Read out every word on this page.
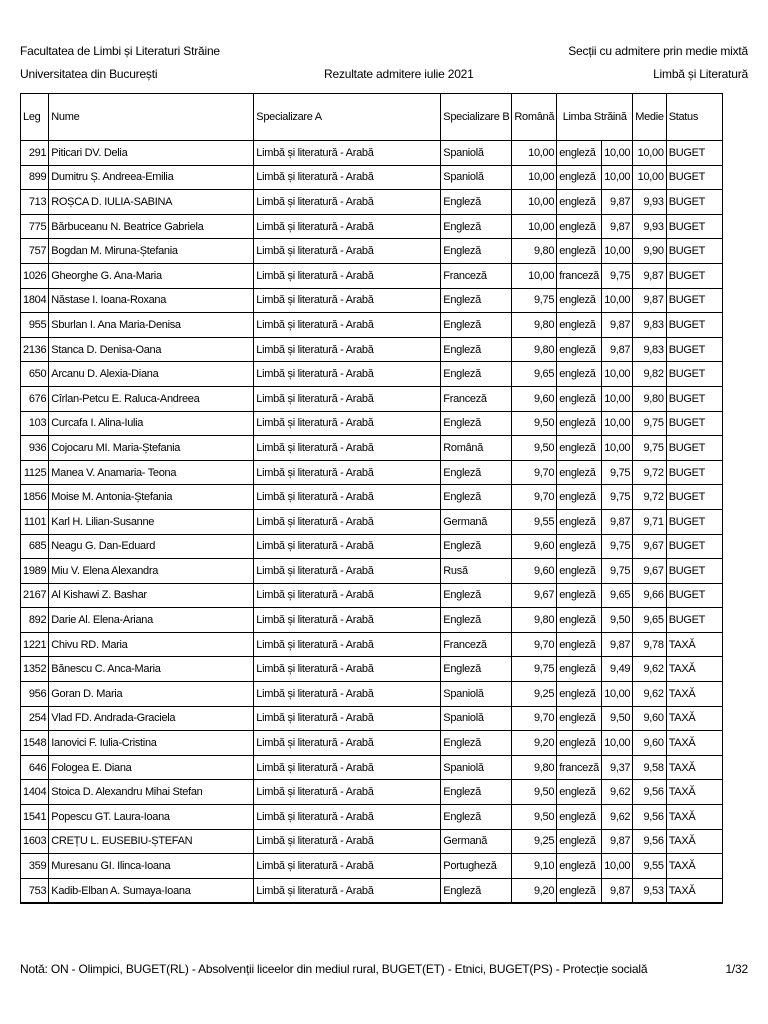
Facultatea de Limbi și Literaturi Străine
Universitatea din București	Rezultate admitere iulie 2021
Secții cu admitere prin medie mixtă
Limbă și Literatură
Leg	Nume	Specializare A	Specializare B	Română	Limba Străină		Medie	Status
291	Piticari DV. Delia	Limbă și literatură - Arabă	Spaniolă	10,00	engleză	10,00	10,00	BUGET
899	Dumitru Ș. Andreea-Emilia	Limbă și literatură - Arabă	Spaniolă	10,00	engleză	10,00	10,00	BUGET
713	ROȘCA D. IULIA-SABINA	Limbă și literatură - Arabă	Engleză	10,00	engleză	9,87	9,93	BUGET
775	Bărbuceanu N. Beatrice Gabriela	Limbă și literatură - Arabă	Engleză	10,00	engleză	9,87	9,93	BUGET
757	Bogdan M. Miruna-Ștefania	Limbă și literatură - Arabă	Engleză	9,80	engleză	10,00	9,90	BUGET
1026	Gheorghe G. Ana-Maria	Limbă și literatură - Arabă	Franceză	10,00	franceză	9,75	9,87	BUGET
1804	Năstase I. Ioana-Roxana	Limbă și literatură - Arabă	Engleză	9,75	engleză	10,00	9,87	BUGET
955	Sburlan I. Ana Maria-Denisa	Limbă și literatură - Arabă	Engleză	9,80	engleză	9,87	9,83	BUGET
2136	Stanca D. Denisa-Oana	Limbă și literatură - Arabă	Engleză	9,80	engleză	9,87	9,83	BUGET
650	Arcanu D. Alexia-Diana	Limbă și literatură - Arabă	Engleză	9,65	engleză	10,00	9,82	BUGET
676	Cîrlan-Petcu E. Raluca-Andreea	Limbă și literatură - Arabă	Franceză	9,60	engleză	10,00	9,80	BUGET
103	Curcafa I. Alina-Iulia	Limbă și literatură - Arabă	Engleză	9,50	engleză	10,00	9,75	BUGET
936	Cojocaru MI. Maria-Ștefania	Limbă și literatură - Arabă	Română	9,50	engleză	10,00	9,75	BUGET
1125	Manea V. Anamaria- Teona	Limbă și literatură - Arabă	Engleză	9,70	engleză	9,75	9,72	BUGET
1856	Moise M. Antonia-Ștefania	Limbă și literatură - Arabă	Engleză	9,70	engleză	9,75	9,72	BUGET
1101	Karl H. Lilian-Susanne	Limbă și literatură - Arabă	Germană	9,55	engleză	9,87	9,71	BUGET
685	Neagu G. Dan-Eduard	Limbă și literatură - Arabă	Engleză	9,60	engleză	9,75	9,67	BUGET
1989	Miu V. Elena Alexandra	Limbă și literatură - Arabă	Rusă	9,60	engleză	9,75	9,67	BUGET
2167	Al Kishawi Z. Bashar	Limbă și literatură - Arabă	Engleză	9,67	engleză	9,65	9,66	BUGET
892	Darie Al. Elena-Ariana	Limbă și literatură - Arabă	Engleză	9,80	engleză	9,50	9,65	BUGET
1221	Chivu RD. Maria	Limbă și literatură - Arabă	Franceză	9,70	engleză	9,87	9,78	TAXĂ
1352	Bănescu C. Anca-Maria	Limbă și literatură - Arabă	Engleză	9,75	engleză	9,49	9,62	TAXĂ
956	Goran D. Maria	Limbă și literatură - Arabă	Spaniolă	9,25	engleză	10,00	9,62	TAXĂ
254	Vlad FD. Andrada-Graciela	Limbă și literatură - Arabă	Spaniolă	9,70	engleză	9,50	9,60	TAXĂ
1548	Ianovici F. Iulia-Cristina	Limbă și literatură - Arabă	Engleză	9,20	engleză	10,00	9,60	TAXĂ
646	Fologea E. Diana	Limbă și literatură - Arabă	Spaniolă	9,80	franceză	9,37	9,58	TAXĂ
1404	Stoica D. Alexandru Mihai Stefan	Limbă și literatură - Arabă	Engleză	9,50	engleză	9,62	9,56	TAXĂ
1541	Popescu GT. Laura-Ioana	Limbă și literatură - Arabă	Engleză	9,50	engleză	9,62	9,56	TAXĂ
1603	CREȚU L. EUSEBIU-ȘTEFAN	Limbă și literatură - Arabă	Germană	9,25	engleză	9,87	9,56	TAXĂ
359	Muresanu GI. Ilinca-Ioana	Limbă și literatură - Arabă	Portugheză	9,10	engleză	10,00	9,55	TAXĂ
753	Kadib-Elban A. Sumaya-Ioana	Limbă și literatură - Arabă	Engleză	9,20	engleză	9,87	9,53	TAXĂ
Notă: ON - Olimpici, BUGET(RL) - Absolvenții liceelor din mediul rural, BUGET(ET) - Etnici, BUGET(PS) - Protecție socială	1/32
